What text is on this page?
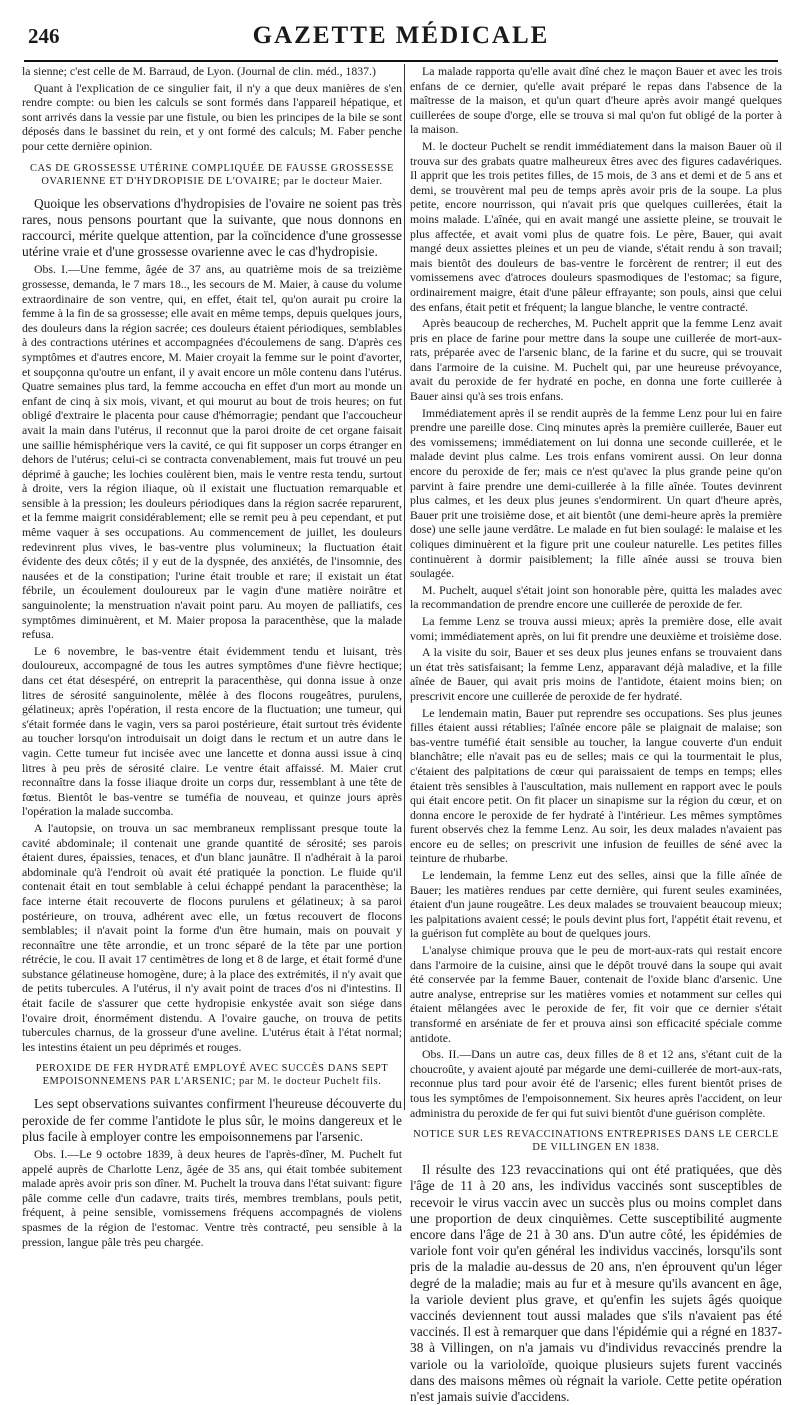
246	GAZETTE MÉDICALE

la sienne; c'est celle de M. Barraud, de Lyon. (Journal de clin. méd., 1837.)

Quant à l'explication de ce singulier fait, il n'y a que deux manières de s'en rendre compte: ou bien les calculs se sont formés dans l'appareil hépatique, et sont arrivés dans la vessie par une fistule, ou bien les principes de la bile se sont déposés dans le bassinet du rein, et y ont formé des calculs; M. Faber penche pour cette dernière opinion.

CAS DE GROSSESSE UTÉRINE COMPLIQUÉE DE FAUSSE GROSSESSE OVARIENNE ET D'HYDROPISIE DE L'OVAIRE; par le docteur Maier.

Quoique les observations d'hydropisies de l'ovaire ne soient pas très rares, nous pensons pourtant que la suivante, que nous donnons en raccourci, mérite quelque attention, par la coïncidence d'une grossesse utérine vraie et d'une grossesse ovarienne avec le cas d'hydropisie.

Obs. I.—Une femme, âgée de 37 ans, au quatrième mois de sa treizième grossesse, demanda, le 7 mars 18.., les secours de M. Maier, à cause du volume extraordinaire de son ventre, qui, en effet, était tel, qu'on aurait pu croire la femme à la fin de sa grossesse; elle avait en même temps, depuis quelques jours, des douleurs dans la région sacrée; ces douleurs étaient périodiques, semblables à des contractions utérines et accompagnées d'écoulemens de sang. D'après ces symptômes et d'autres encore, M. Maier croyait la femme sur le point d'avorter, et soupçonna qu'outre un enfant, il y avait encore un môle contenu dans l'utérus. Quatre semaines plus tard, la femme accoucha en effet d'un mort au monde un enfant de cinq à six mois, vivant, et qui mourut au bout de trois heures; on fut obligé d'extraire le placenta pour cause d'hémorragie; pendant que l'accoucheur avait la main dans l'utérus, il reconnut que la paroi droite de cet organe faisait une saillie hémisphérique vers la cavité, ce qui fit supposer un corps étranger en dehors de l'utérus; celui-ci se contracta convenablement, mais fut trouvé un peu déprimé à gauche; les lochies coulèrent bien, mais le ventre resta tendu, surtout à droite, vers la région iliaque, où il existait une fluctuation remarquable et sensible à la pression; les douleurs périodiques dans la région sacrée reparurent, et la femme maigrit considérablement; elle se remit peu à peu cependant, et put même vaquer à ses occupations. Au commencement de juillet, les douleurs redevinrent plus vives, le bas-ventre plus volumineux; la fluctuation était évidente des deux côtés; il y eut de la dyspnée, des anxiétés, de l'insomnie, des nausées et de la constipation; l'urine était trouble et rare; il existait un état fébrile, un écoulement douloureux par le vagin d'une matière noirâtre et sanguinolente; la menstruation n'avait point paru. Au moyen de palliatifs, ces symptômes diminuèrent, et M. Maier proposa la paracenthèse, que la malade refusa.

Le 6 novembre, le bas-ventre était évidemment tendu et luisant, très douloureux, accompagné de tous les autres symptômes d'une fièvre hectique; dans cet état désespéré, on entreprit la paracenthèse, qui donna issue à onze litres de sérosité sanguinolente, mêlée à des flocons rougeâtres, purulens, gélatineux; après l'opération, il resta encore de la fluctuation; une tumeur, qui s'était formée dans le vagin, vers sa paroi postérieure, était surtout très évidente au toucher lorsqu'on introduisait un doigt dans le rectum et un autre dans le vagin. Cette tumeur fut incisée avec une lancette et donna aussi issue à cinq litres à peu près de sérosité claire. Le ventre était affaissé. M. Maier crut reconnaître dans la fosse iliaque droite un corps dur, ressemblant à une tête de fœtus. Bientôt le bas-ventre se tuméfia de nouveau, et quinze jours après l'opération la malade succomba.

A l'autopsie, on trouva un sac membraneux remplissant presque toute la cavité abdominale; il contenait une grande quantité de sérosité; ses parois étaient dures, épaissies, tenaces, et d'un blanc jaunâtre. Il n'adhérait à la paroi abdominale qu'à l'endroit où avait été pratiquée la ponction. Le fluide qu'il contenait était en tout semblable à celui échappé pendant la paracenthèse; la face interne était recouverte de flocons purulens et gélatineux; à sa paroi postérieure, on trouva, adhérent avec elle, un fœtus recouvert de flocons semblables; il n'avait point la forme d'un être humain, mais on pouvait y reconnaître une tête arrondie, et un tronc séparé de la tête par une portion rétrécie, le cou. Il avait 17 centimètres de long et 8 de large, et était formé d'une substance gélatineuse homogène, dure; à la place des extrémités, il n'y avait que de petits tubercules. A l'utérus, il n'y avait point de traces d'os ni d'intestins. Il était facile de s'assurer que cette hydropisie enkystée avait son siége dans l'ovaire droit, énormément distendu. A l'ovaire gauche, on trouva de petits tubercules charnus, de la grosseur d'une aveline. L'utérus était à l'état normal; les intestins étaient un peu déprimés et rouges.

PEROXIDE DE FER HYDRATÉ EMPLOYÉ AVEC SUCCÈS DANS SEPT EMPOISONNEMENS PAR L'ARSENIC; par M. le docteur Puchelt fils.

Les sept observations suivantes confirment l'heureuse découverte du peroxide de fer comme l'antidote le plus sûr, le moins dangereux et le plus facile à employer contre les empoisonnemens par l'arsenic.

Obs. I.—Le 9 octobre 1839, à deux heures de l'après-dîner, M. Puchelt fut appelé auprès de Charlotte Lenz, âgée de 35 ans, qui était tombée subitement malade après avoir pris son dîner. M. Puchelt la trouva dans l'état suivant: figure pâle comme celle d'un cadavre, traits tirés, membres tremblans, pouls petit, fréquent, à peine sensible, vomissemens fréquens accompagnés de violens spasmes de la région de l'estomac. Ventre très contracté, peu sensible à la pression, langue pâle très peu chargée.

La malade rapporta qu'elle avait dîné chez le maçon Bauer et avec les trois enfans de ce dernier, qu'elle avait préparé le repas dans l'absence de la maîtresse de la maison, et qu'un quart d'heure après avoir mangé quelques cuillerées de soupe d'orge, elle se trouva si mal qu'on fut obligé de la porter à la maison.

M. le docteur Puchelt se rendit immédiatement dans la maison Bauer où il trouva sur des grabats quatre malheureux êtres avec des figures cadavériques. Il apprit que les trois petites filles, de 15 mois, de 3 ans et demi et de 5 ans et demi, se trouvèrent mal peu de temps après avoir pris de la soupe. La plus petite, encore nourrisson, qui n'avait pris que quelques cuillerées, était la moins malade. L'aînée, qui en avait mangé une assiette pleine, se trouvait le plus affectée, et avait vomi plus de quatre fois. Le père, Bauer, qui avait mangé deux assiettes pleines et un peu de viande, s'était rendu à son travail; mais bientôt des douleurs de bas-ventre le forcèrent de rentrer; il eut des vomissemens avec d'atroces douleurs spasmodiques de l'estomac; sa figure, ordinairement maigre, était d'une pâleur effrayante; son pouls, ainsi que celui des enfans, était petit et fréquent; la langue blanche, le ventre contracté.

Après beaucoup de recherches, M. Puchelt apprit que la femme Lenz avait pris en place de farine pour mettre dans la soupe une cuillerée de mort-aux-rats, préparée avec de l'arsenic blanc, de la farine et du sucre, qui se trouvait dans l'armoire de la cuisine. M. Puchelt qui, par une heureuse prévoyance, avait du peroxide de fer hydraté en poche, en donna une forte cuillerée à Bauer ainsi qu'à ses trois enfans.

Immédiatement après il se rendit auprès de la femme Lenz pour lui en faire prendre une pareille dose. Cinq minutes après la première cuillerée, Bauer eut des vomissemens; immédiatement on lui donna une seconde cuillerée, et le malade devint plus calme. Les trois enfans vomirent aussi. On leur donna encore du peroxide de fer; mais ce n'est qu'avec la plus grande peine qu'on parvint à faire prendre une demi-cuillerée à la fille aînée. Toutes devinrent plus calmes, et les deux plus jeunes s'endormirent. Un quart d'heure après, Bauer prit une troisième dose, et ait bientôt (une demi-heure après la première dose) une selle jaune verdâtre. Le malade en fut bien soulagé: le malaise et les coliques diminuèrent et la figure prit une couleur naturelle. Les petites filles continuèrent à dormir paisiblement; la fille aînée aussi se trouva bien soulagée.

M. Puchelt, auquel s'était joint son honorable père, quitta les malades avec la recommandation de prendre encore une cuillerée de peroxide de fer.

La femme Lenz se trouva aussi mieux; après la première dose, elle avait vomi; immédiatement après, on lui fit prendre une deuxième et troisième dose.

A la visite du soir, Bauer et ses deux plus jeunes enfans se trouvaient dans un état très satisfaisant; la femme Lenz, apparavant déjà maladive, et la fille aînée de Bauer, qui avait pris moins de l'antidote, étaient moins bien; on prescrivit encore une cuillerée de peroxide de fer hydraté.

Le lendemain matin, Bauer put reprendre ses occupations. Ses plus jeunes filles étaient aussi rétablies; l'aînée encore pâle se plaignait de malaise; son bas-ventre tuméfié était sensible au toucher, la langue couverte d'un enduit blanchâtre; elle n'avait pas eu de selles; mais ce qui la tourmentait le plus, c'étaient des palpitations de cœur qui paraissaient de temps en temps; elles étaient très sensibles à l'auscultation, mais nullement en rapport avec le pouls qui était encore petit. On fit placer un sinapisme sur la région du cœur, et on donna encore le peroxide de fer hydraté à l'intérieur. Les mêmes symptômes furent observés chez la femme Lenz. Au soir, les deux malades n'avaient pas encore eu de selles; on prescrivit une infusion de feuilles de séné avec la teinture de rhubarbe.

Le lendemain, la femme Lenz eut des selles, ainsi que la fille aînée de Bauer; les matières rendues par cette dernière, qui furent seules examinées, étaient d'un jaune rougeâtre. Les deux malades se trouvaient beaucoup mieux; les palpitations avaient cessé; le pouls devint plus fort, l'appétit était revenu, et la guérison fut complète au bout de quelques jours.

L'analyse chimique prouva que le peu de mort-aux-rats qui restait encore dans l'armoire de la cuisine, ainsi que le dépôt trouvé dans la soupe qui avait été conservée par la femme Bauer, contenait de l'oxide blanc d'arsenic. Une autre analyse, entreprise sur les matières vomies et notamment sur celles qui étaient mêlangées avec le peroxide de fer, fit voir que ce dernier s'était transformé en arséniate de fer et prouva ainsi son efficacité spéciale comme antidote.

Obs. II.—Dans un autre cas, deux filles de 8 et 12 ans, s'étant cuit de la choucroûte, y avaient ajouté par mégarde une demi-cuillerée de mort-aux-rats, reconnue plus tard pour avoir été de l'arsenic; elles furent bientôt prises de tous les symptômes de l'empoisonnement. Six heures après l'accident, on leur administra du peroxide de fer qui fut suivi bientôt d'une guérison complète.

NOTICE SUR LES REVACCINATIONS ENTREPRISES DANS LE CERCLE DE VILLINGEN EN 1838.

Il résulte des 123 revaccinations qui ont été pratiquées, que dès l'âge de 11 à 20 ans, les individus vaccinés sont susceptibles de recevoir le virus vaccin avec un succès plus ou moins complet dans une proportion de deux cinquièmes. Cette susceptibilité augmente encore dans l'âge de 21 à 30 ans. D'un autre côté, les épidémies de variole font voir qu'en général les individus vaccinés, lorsqu'ils sont pris de la maladie au-dessus de 20 ans, n'en éprouvent qu'un léger degré de la maladie; mais au fur et à mesure qu'ils avancent en âge, la variole devient plus grave, et qu'enfin les sujets âgés quoique vaccinés deviennent tout aussi malades que s'ils n'avaient pas été vaccinés. Il est à remarquer que dans l'épidémie qui a régné en 1837-38 à Villingen, on n'a jamais vu d'individus revaccinés prendre la variole ou la varioloïde, quoique plusieurs sujets furent vaccinés dans des maisons mêmes où régnait la variole. Cette petite opération n'est jamais suivie d'accidens.
